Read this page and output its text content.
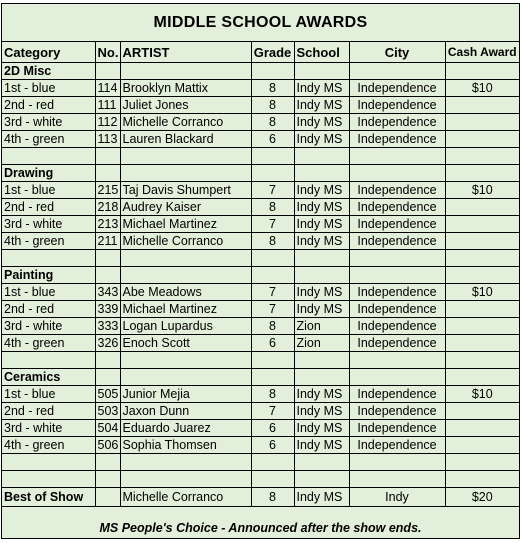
MIDDLE SCHOOL AWARDS
Category	No.	ARTIST	Grade	School	City	Cash Award
2D Misc						
1st - blue	114	Brooklyn Mattix	8	Indy MS	Independence	$10
2nd - red	111	Juliet Jones	8	Indy MS	Independence	
3rd - white	112	Michelle Corranco	8	Indy MS	Independence	
4th - green	113	Lauren Blackard	6	Indy MS	Independence	

Drawing						
1st - blue	215	Taj Davis Shumpert	7	Indy MS	Independence	$10
2nd - red	218	Audrey Kaiser	8	Indy MS	Independence	
3rd - white	213	Michael Martinez	7	Indy MS	Independence	
4th - green	211	Michelle Corranco	8	Indy MS	Independence	

Painting						
1st - blue	343	Abe Meadows	7	Indy MS	Independence	$10
2nd - red	339	Michael Martinez	7	Indy MS	Independence	
3rd - white	333	Logan Lupardus	8	Zion	Independence	
4th - green	326	Enoch Scott	6	Zion	Independence	

Ceramics						
1st - blue	505	Junior Mejia	8	Indy MS	Independence	$10
2nd - red	503	Jaxon Dunn	7	Indy MS	Independence	
3rd - white	504	Eduardo Juarez	6	Indy MS	Independence	
4th - green	506	Sophia Thomsen	6	Indy MS	Independence	

Best of Show		Michelle Corranco	8	Indy MS	Indy	$20
MS People's Choice - Announced after the show ends.
